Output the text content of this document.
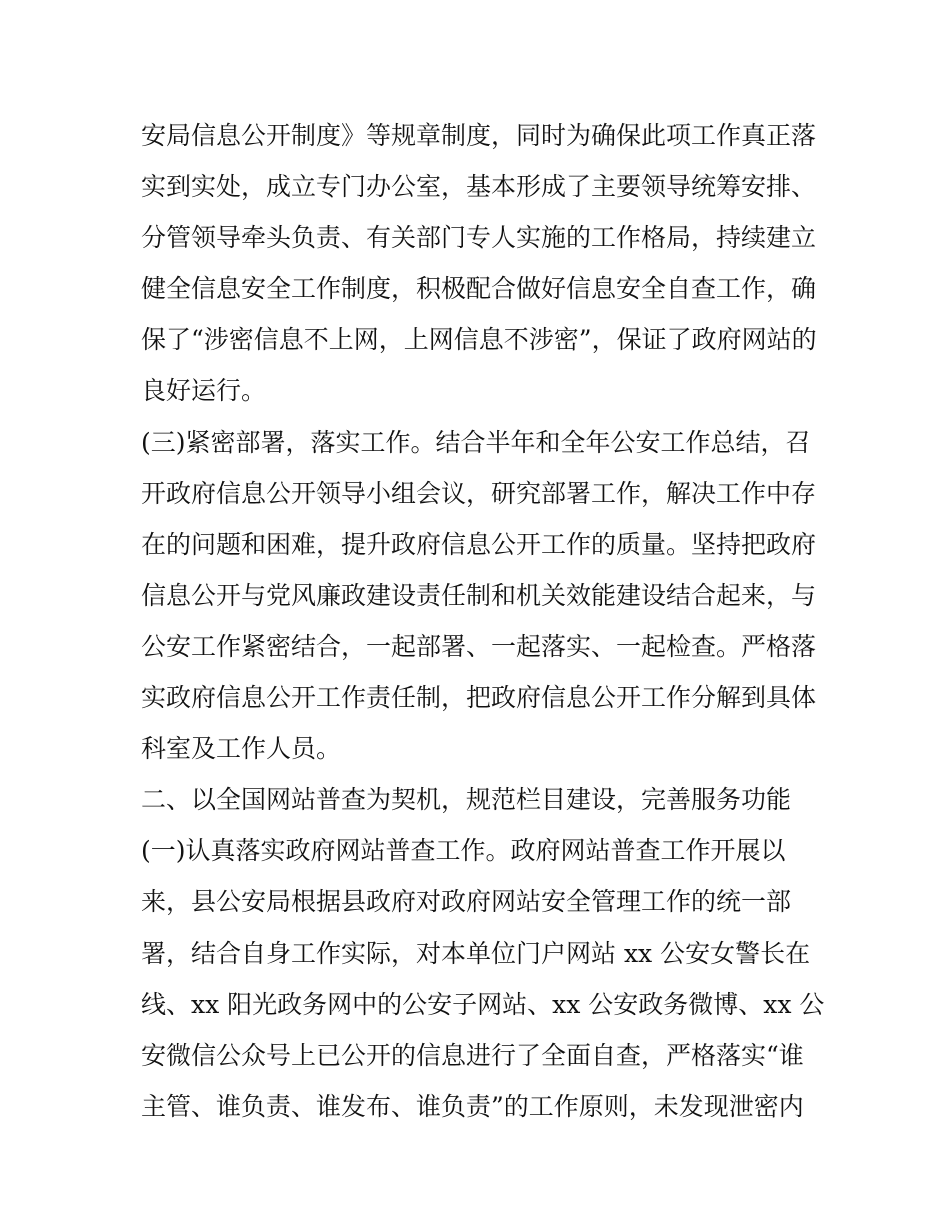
安局信息公开制度》等规章制度，同时为确保此项工作真正落
实到实处，成立专门办公室，基本形成了主要领导统筹安排、
分管领导牵头负责、有关部门专人实施的工作格局，持续建立
健全信息安全工作制度，积极配合做好信息安全自查工作，确
保了“涉密信息不上网，上网信息不涉密”，保证了政府网站的
良好运行。
(三)紧密部署，落实工作。结合半年和全年公安工作总结，召
开政府信息公开领导小组会议，研究部署工作，解决工作中存
在的问题和困难，提升政府信息公开工作的质量。坚持把政府
信息公开与党风廉政建设责任制和机关效能建设结合起来，与
公安工作紧密结合，一起部署、一起落实、一起检查。严格落
实政府信息公开工作责任制，把政府信息公开工作分解到具体
科室及工作人员。
二、以全国网站普查为契机，规范栏目建设，完善服务功能
(一)认真落实政府网站普查工作。政府网站普查工作开展以
来，县公安局根据县政府对政府网站安全管理工作的统一部
署，结合自身工作实际，对本单位门户网站 xx 公安女警长在
线、xx 阳光政务网中的公安子网站、xx 公安政务微博、xx 公
安微信公众号上已公开的信息进行了全面自查，严格落实“谁
主管、谁负责、谁发布、谁负责”的工作原则，未发现泄密内
